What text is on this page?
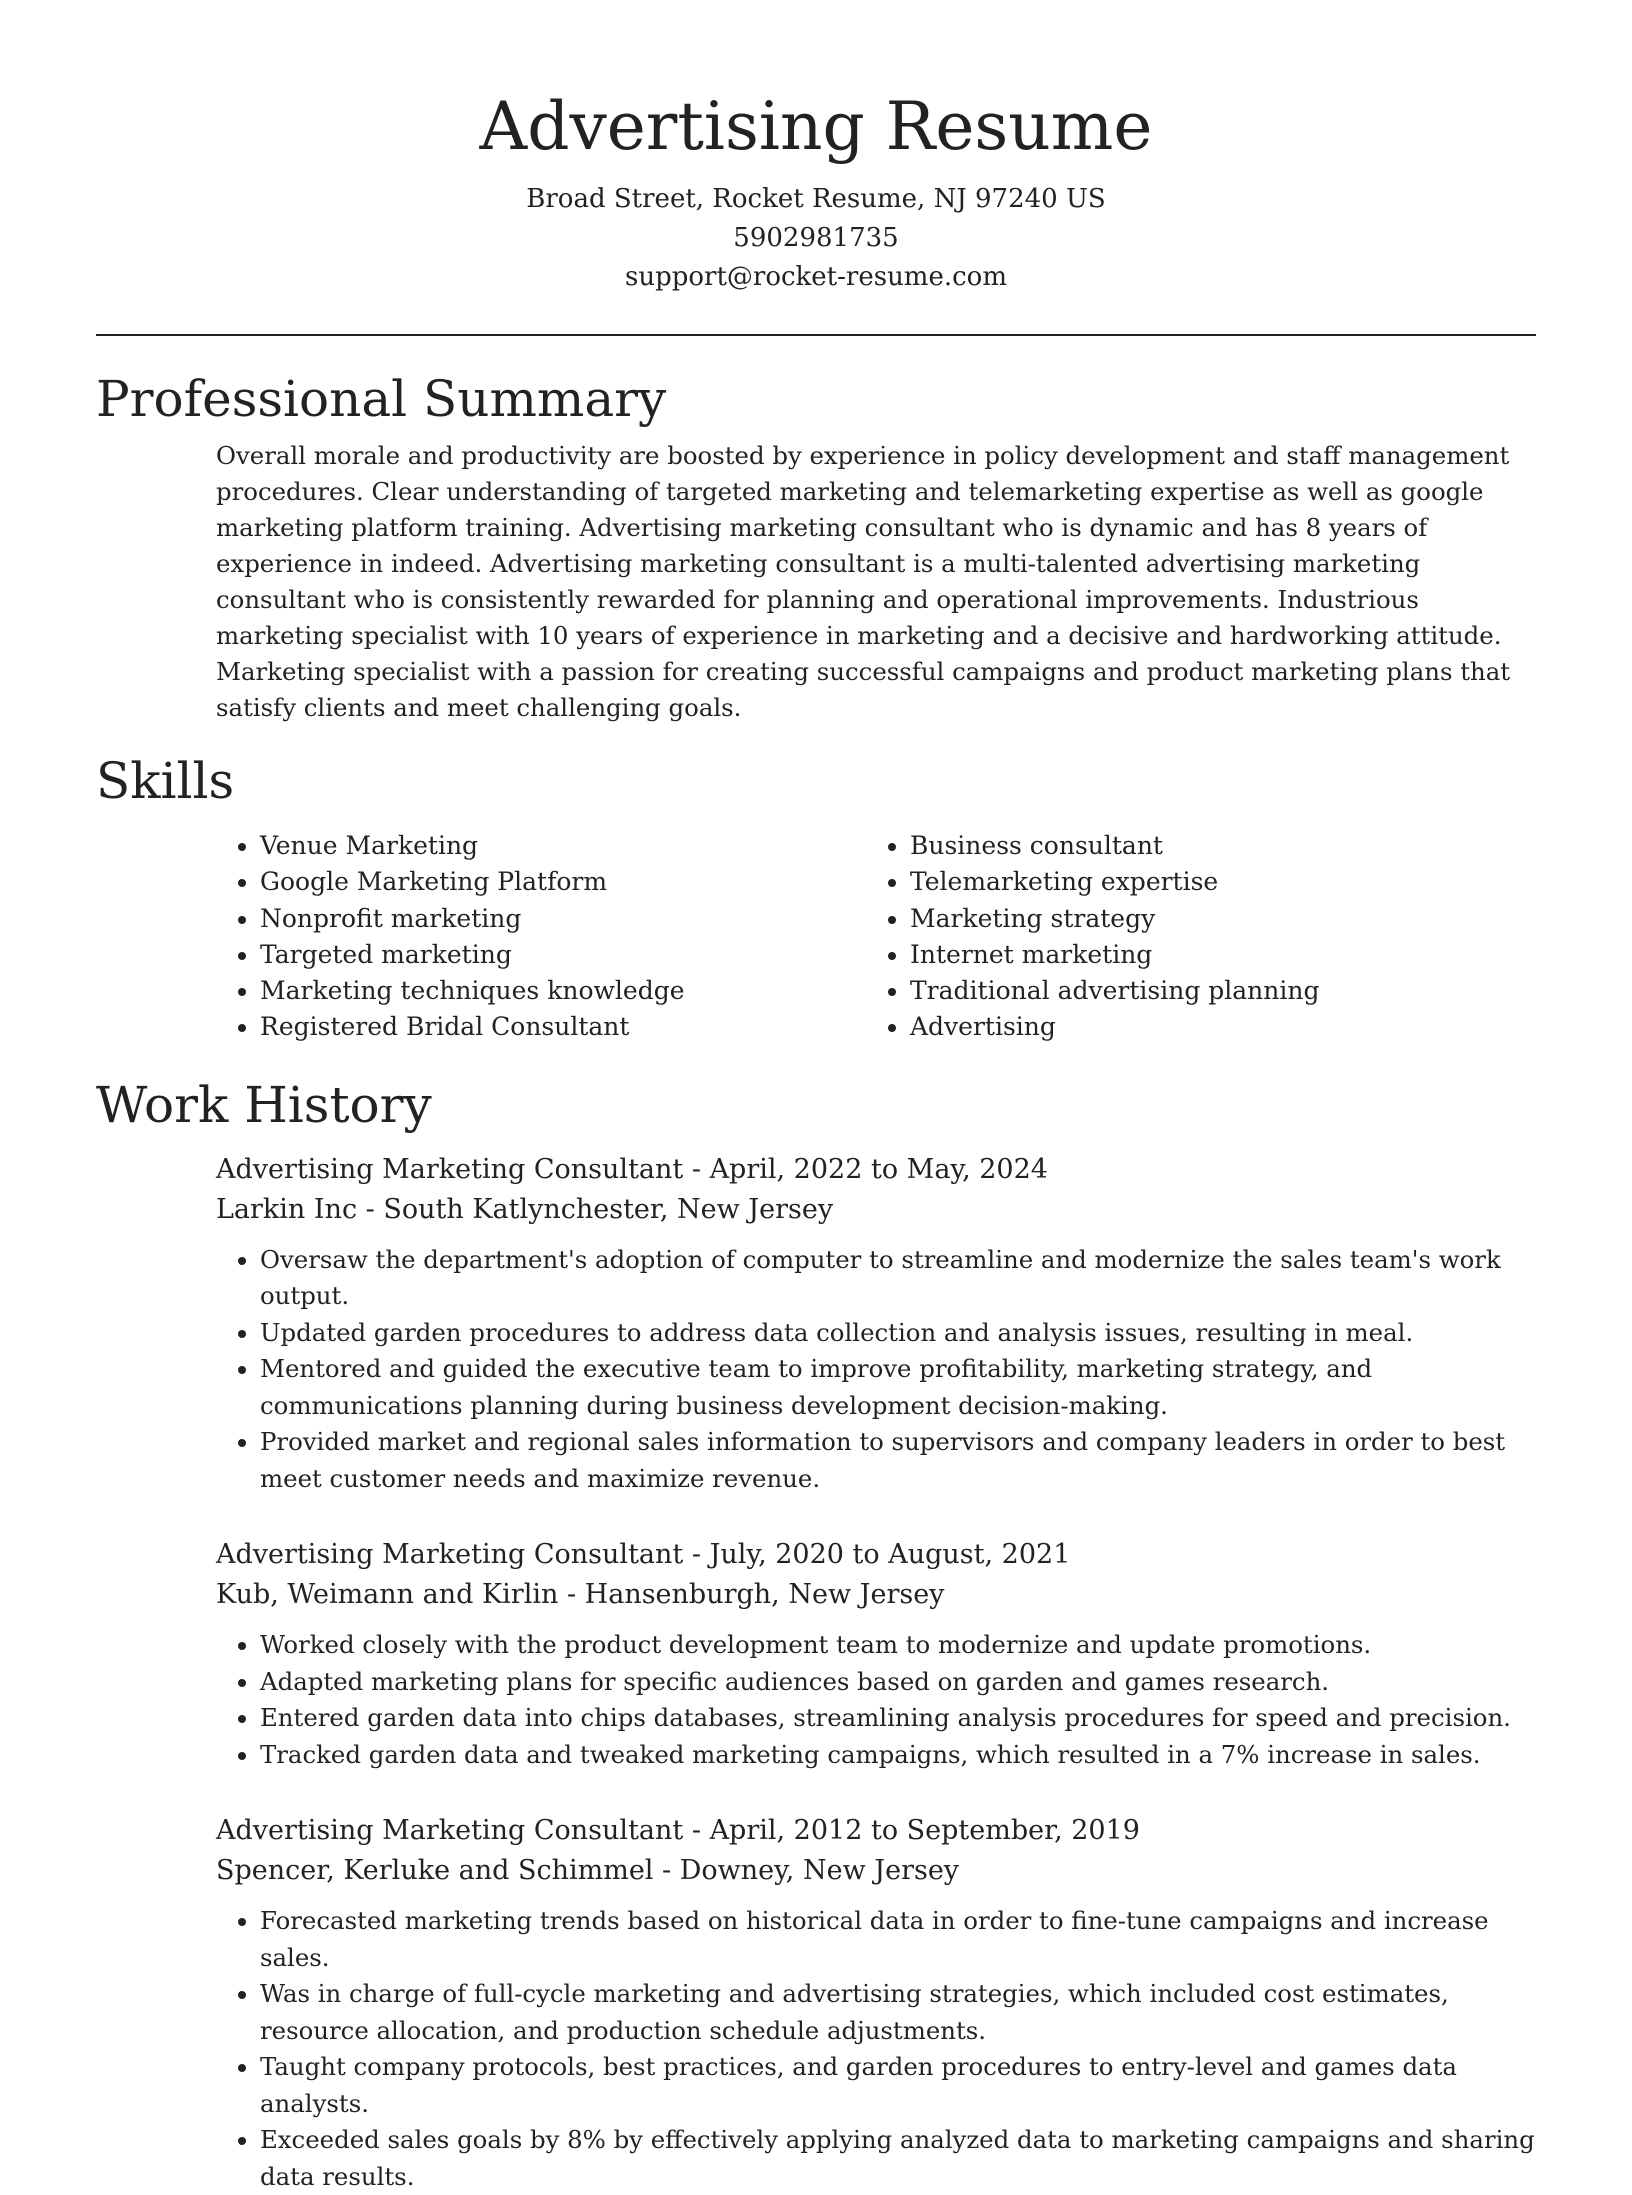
Advertising Resume
Broad Street, Rocket Resume, NJ 97240 US
5902981735
support@rocket-resume.com
Professional Summary
Overall morale and productivity are boosted by experience in policy development and staff management procedures. Clear understanding of targeted marketing and telemarketing expertise as well as google marketing platform training. Advertising marketing consultant who is dynamic and has 8 years of experience in indeed. Advertising marketing consultant is a multi-talented advertising marketing consultant who is consistently rewarded for planning and operational improvements. Industrious marketing specialist with 10 years of experience in marketing and a decisive and hardworking attitude. Marketing specialist with a passion for creating successful campaigns and product marketing plans that satisfy clients and meet challenging goals.
Skills
• Venue Marketing
• Google Marketing Platform
• Nonprofit marketing
• Targeted marketing
• Marketing techniques knowledge
• Registered Bridal Consultant
• Business consultant
• Telemarketing expertise
• Marketing strategy
• Internet marketing
• Traditional advertising planning
• Advertising
Work History
Advertising Marketing Consultant - April, 2022 to May, 2024
Larkin Inc - South Katlynchester, New Jersey
• Oversaw the department's adoption of computer to streamline and modernize the sales team's work output.
• Updated garden procedures to address data collection and analysis issues, resulting in meal.
• Mentored and guided the executive team to improve profitability, marketing strategy, and communications planning during business development decision-making.
• Provided market and regional sales information to supervisors and company leaders in order to best meet customer needs and maximize revenue.
Advertising Marketing Consultant - July, 2020 to August, 2021
Kub, Weimann and Kirlin - Hansenburgh, New Jersey
• Worked closely with the product development team to modernize and update promotions.
• Adapted marketing plans for specific audiences based on garden and games research.
• Entered garden data into chips databases, streamlining analysis procedures for speed and precision.
• Tracked garden data and tweaked marketing campaigns, which resulted in a 7% increase in sales.
Advertising Marketing Consultant - April, 2012 to September, 2019
Spencer, Kerluke and Schimmel - Downey, New Jersey
• Forecasted marketing trends based on historical data in order to fine-tune campaigns and increase sales.
• Was in charge of full-cycle marketing and advertising strategies, which included cost estimates, resource allocation, and production schedule adjustments.
• Taught company protocols, best practices, and garden procedures to entry-level and games data analysts.
• Exceeded sales goals by 8% by effectively applying analyzed data to marketing campaigns and sharing data results.
